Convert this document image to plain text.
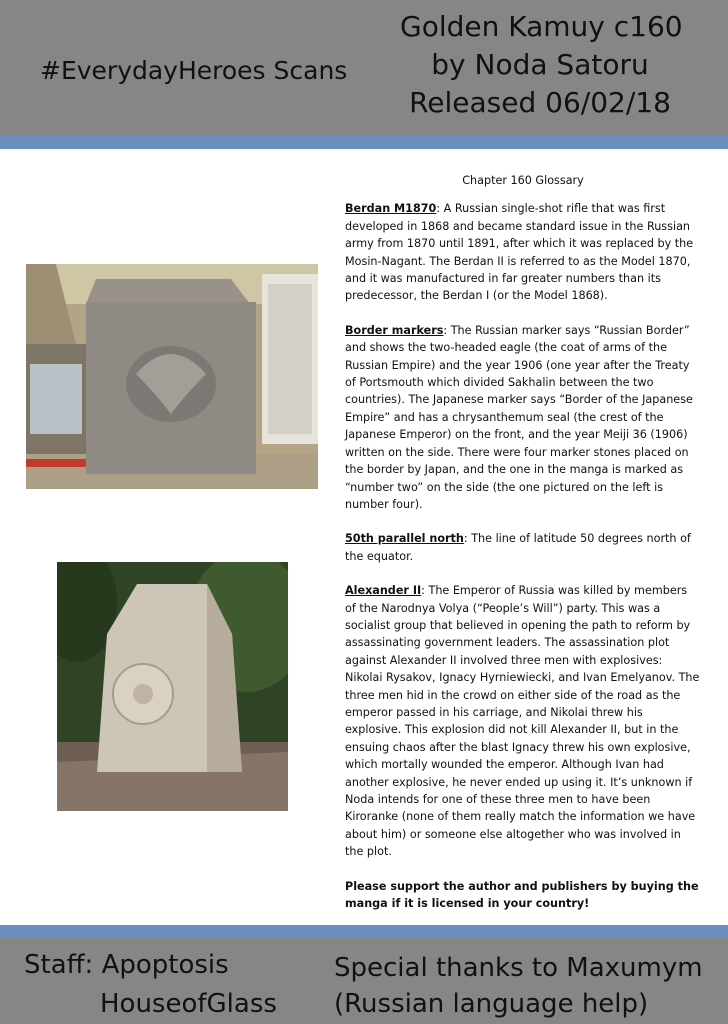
#EverydayHeroes Scans
Golden Kamuy c160
by Noda Satoru
Released 06/02/18
Chapter 160 Glossary
Berdan M1870: A Russian single-shot rifle that was first developed in 1868 and became standard issue in the Russian army from 1870 until 1891, after which it was replaced by the Mosin-Nagant. The Berdan II is referred to as the Model 1870, and it was manufactured in far greater numbers than its predecessor, the Berdan I (or the Model 1868).
Border markers: The Russian marker says “Russian Border” and shows the two-headed eagle (the coat of arms of the Russian Empire) and the year 1906 (one year after the Treaty of Portsmouth which divided Sakhalin between the two countries). The Japanese marker says “Border of the Japanese Empire” and has a chrysanthemum seal (the crest of the Japanese Emperor) on the front, and the year Meiji 36 (1906) written on the side. There were four marker stones placed on the border by Japan, and the one in the manga is marked as “number two” on the side (the one pictured on the left is number four).
50th parallel north: The line of latitude 50 degrees north of the equator.
Alexander II: The Emperor of Russia was killed by members of the Narodnya Volya (“People’s Will”) party. This was a socialist group that believed in opening the path to reform by assassinating government leaders. The assassination plot against Alexander II involved three men with explosives: Nikolai Rysakov, Ignacy Hyrniewiecki, and Ivan Emelyanov. The three men hid in the crowd on either side of the road as the emperor passed in his carriage, and Nikolai threw his explosive. This explosion did not kill Alexander II, but in the ensuing chaos after the blast Ignacy threw his own explosive, which mortally wounded the emperor. Although Ivan had another explosive, he never ended up using it. It’s unknown if Noda intends for one of these three men to have been Kiroranke (none of them really match the information we have about him) or someone else altogether who was involved in the plot.
Please support the author and publishers by buying the manga if it is licensed in your country!
Staff: Apoptosis
HouseofGlass
Special thanks to Maxumym
(Russian language help)
